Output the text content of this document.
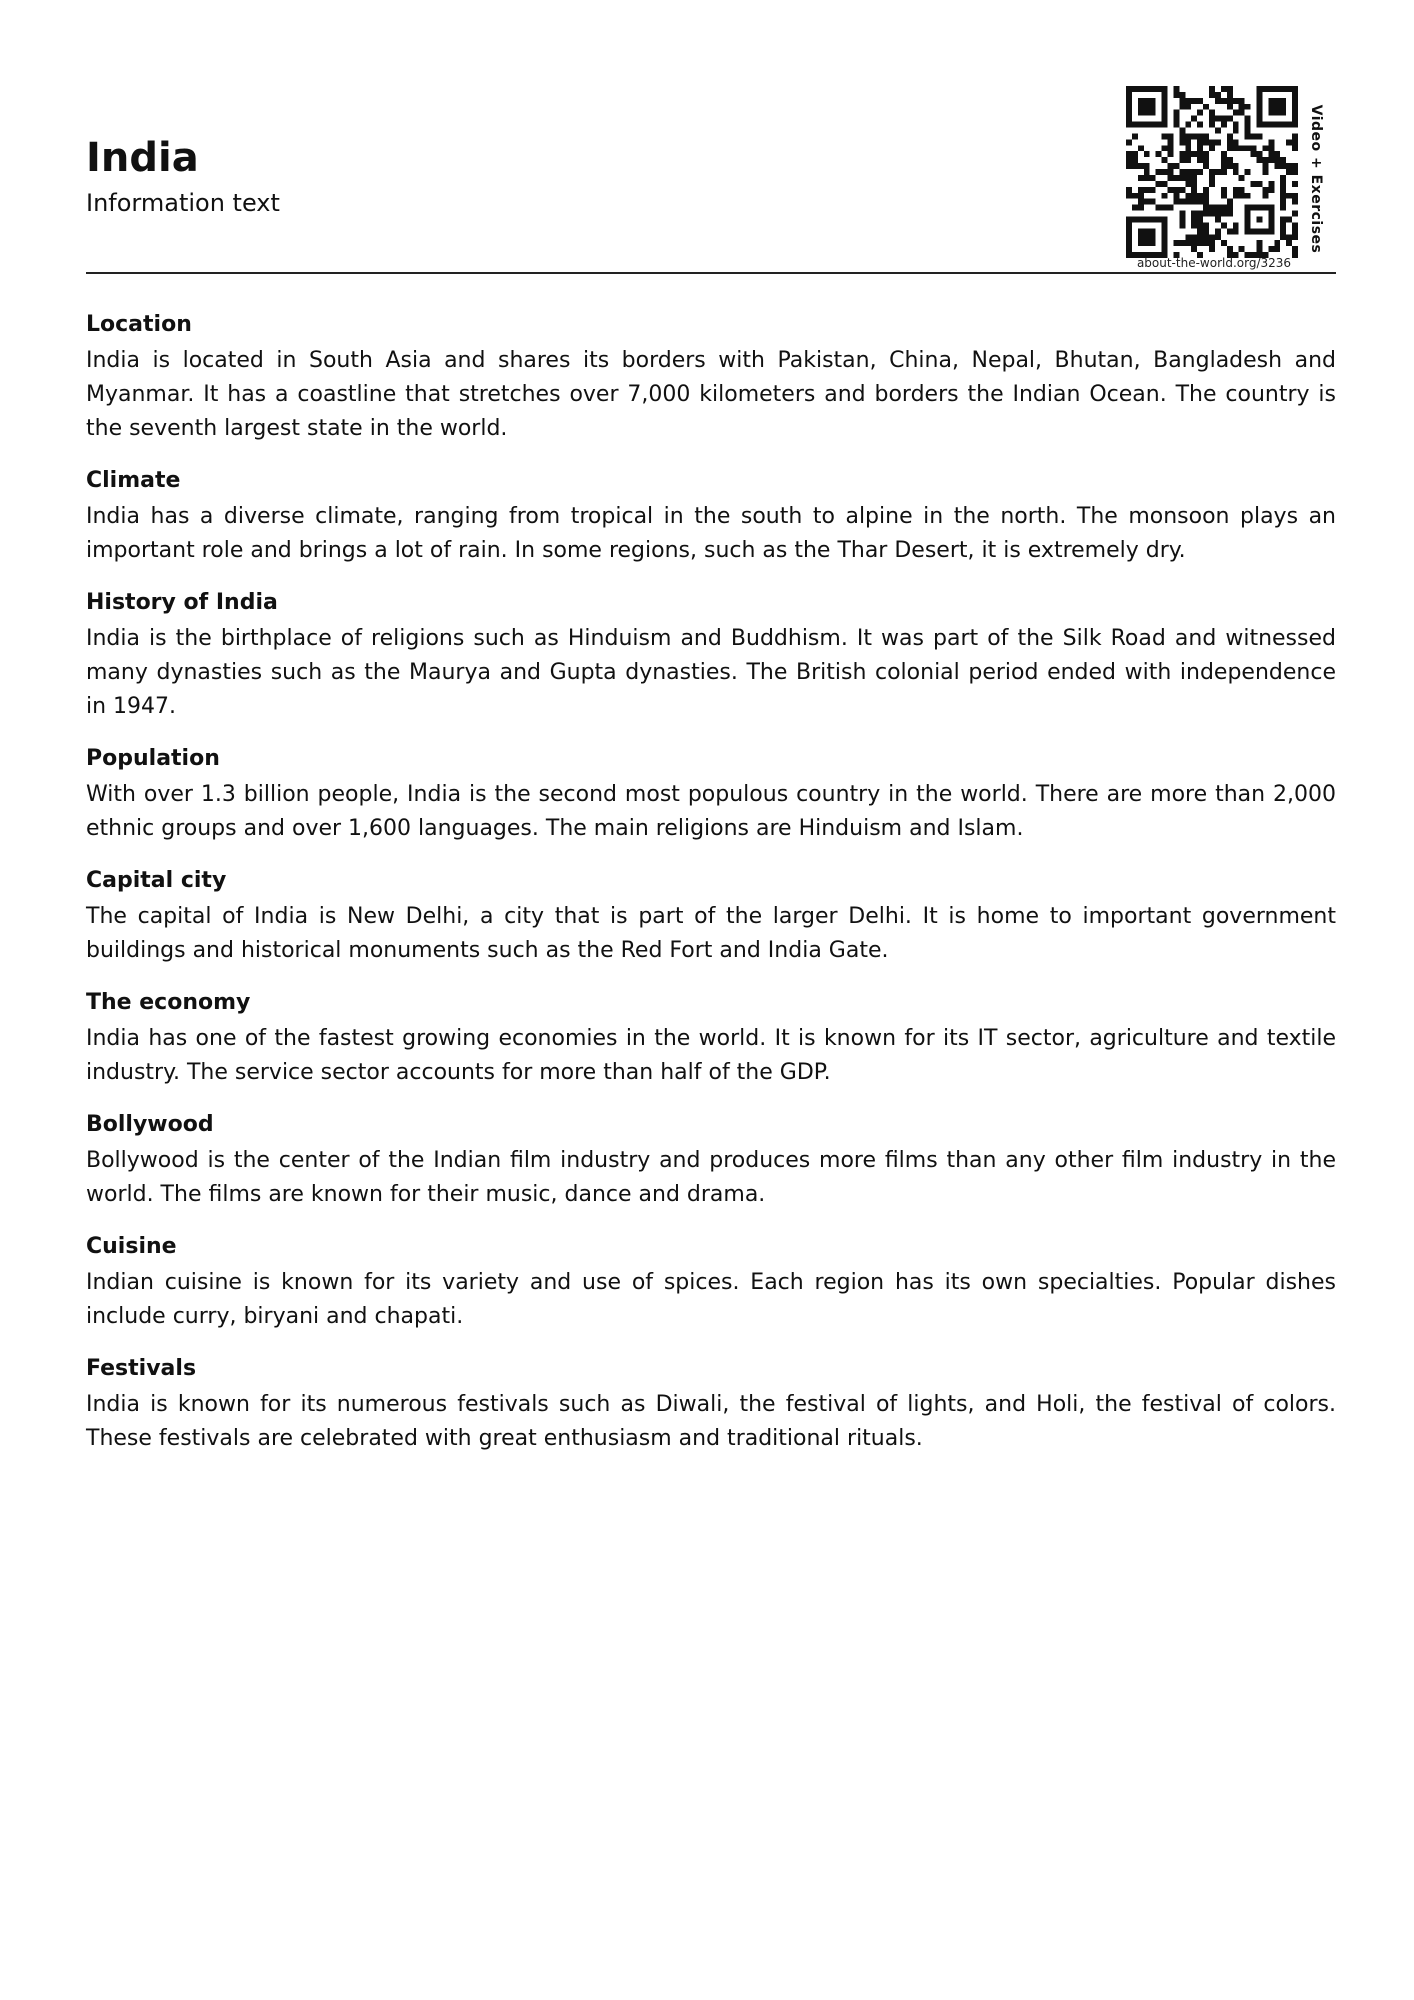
India
Information text
about-the-world.org/3236
Video + Exercises
Location

India is located in South Asia and shares its borders with Pakistan, China, Nepal, Bhutan, Bangladesh and Myanmar. It has a coastline that stretches over 7,000 kilometers and borders the Indian Ocean. The country is the seventh largest state in the world.

Climate

India has a diverse climate, ranging from tropical in the south to alpine in the north. The monsoon plays an important role and brings a lot of rain. In some regions, such as the Thar Desert, it is extremely dry.

History of India

India is the birthplace of religions such as Hinduism and Buddhism. It was part of the Silk Road and witnessed many dynasties such as the Maurya and Gupta dynasties. The British colonial period ended with independence in 1947.

Population

With over 1.3 billion people, India is the second most populous country in the world. There are more than 2,000 ethnic groups and over 1,600 languages. The main religions are Hinduism and Islam.

Capital city

The capital of India is New Delhi, a city that is part of the larger Delhi. It is home to important government buildings and historical monuments such as the Red Fort and India Gate.

The economy

India has one of the fastest growing economies in the world. It is known for its IT sector, agriculture and textile industry. The service sector accounts for more than half of the GDP.

Bollywood

Bollywood is the center of the Indian film industry and produces more films than any other film industry in the world. The films are known for their music, dance and drama.

Cuisine

Indian cuisine is known for its variety and use of spices. Each region has its own specialties. Popular dishes include curry, biryani and chapati.

Festivals

India is known for its numerous festivals such as Diwali, the festival of lights, and Holi, the festival of colors. These festivals are celebrated with great enthusiasm and traditional rituals.
